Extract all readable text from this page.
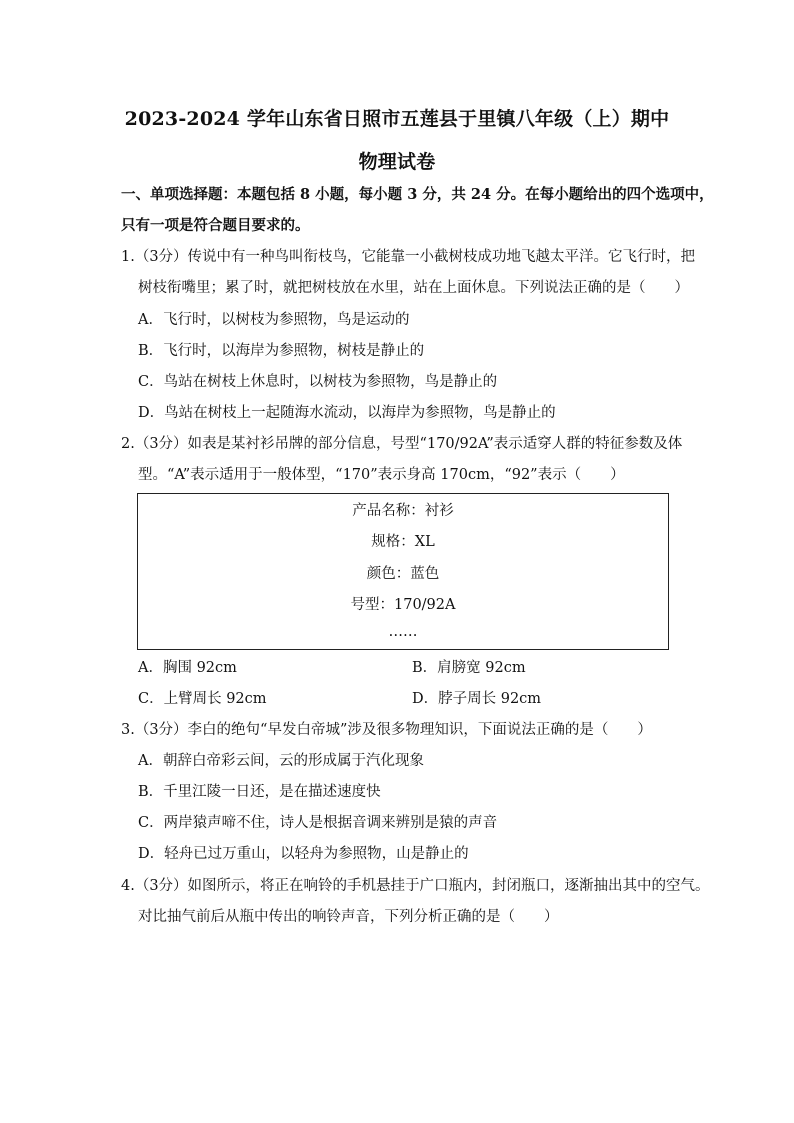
2023-2024 学年山东省日照市五莲县于里镇八年级（上）期中
物理试卷
一、单项选择题：本题包括 8 小题，每小题 3 分，共 24 分。在每小题给出的四个选项中，
只有一项是符合题目要求的。
1.（3分）传说中有一种鸟叫衔枝鸟，它能靠一小截树枝成功地飞越太平洋。它飞行时，把
树枝衔嘴里；累了时，就把树枝放在水里，站在上面休息。下列说法正确的是（　　）
A．飞行时，以树枝为参照物，鸟是运动的
B．飞行时，以海岸为参照物，树枝是静止的
C．鸟站在树枝上休息时，以树枝为参照物，鸟是静止的
D．鸟站在树枝上一起随海水流动，以海岸为参照物，鸟是静止的
2.（3分）如表是某衬衫吊牌的部分信息，号型“170/92A”表示适穿人群的特征参数及体
型。“A”表示适用于一般体型，“170”表示身高 170cm，“92”表示（　　）
产品名称：衬衫
规格：XL
颜色：蓝色
号型：170/92A
……
A．胸围 92cm	B．肩膀宽 92cm
C．上臂周长 92cm	D．脖子周长 92cm
3.（3分）李白的绝句“早发白帝城”涉及很多物理知识，下面说法正确的是（　　）
A．朝辞白帝彩云间，云的形成属于汽化现象
B．千里江陵一日还，是在描述速度快
C．两岸猿声啼不住，诗人是根据音调来辨别是猿的声音
D．轻舟已过万重山，以轻舟为参照物，山是静止的
4.（3分）如图所示，将正在响铃的手机悬挂于广口瓶内，封闭瓶口，逐渐抽出其中的空气。
对比抽气前后从瓶中传出的响铃声音，下列分析正确的是（　　）
